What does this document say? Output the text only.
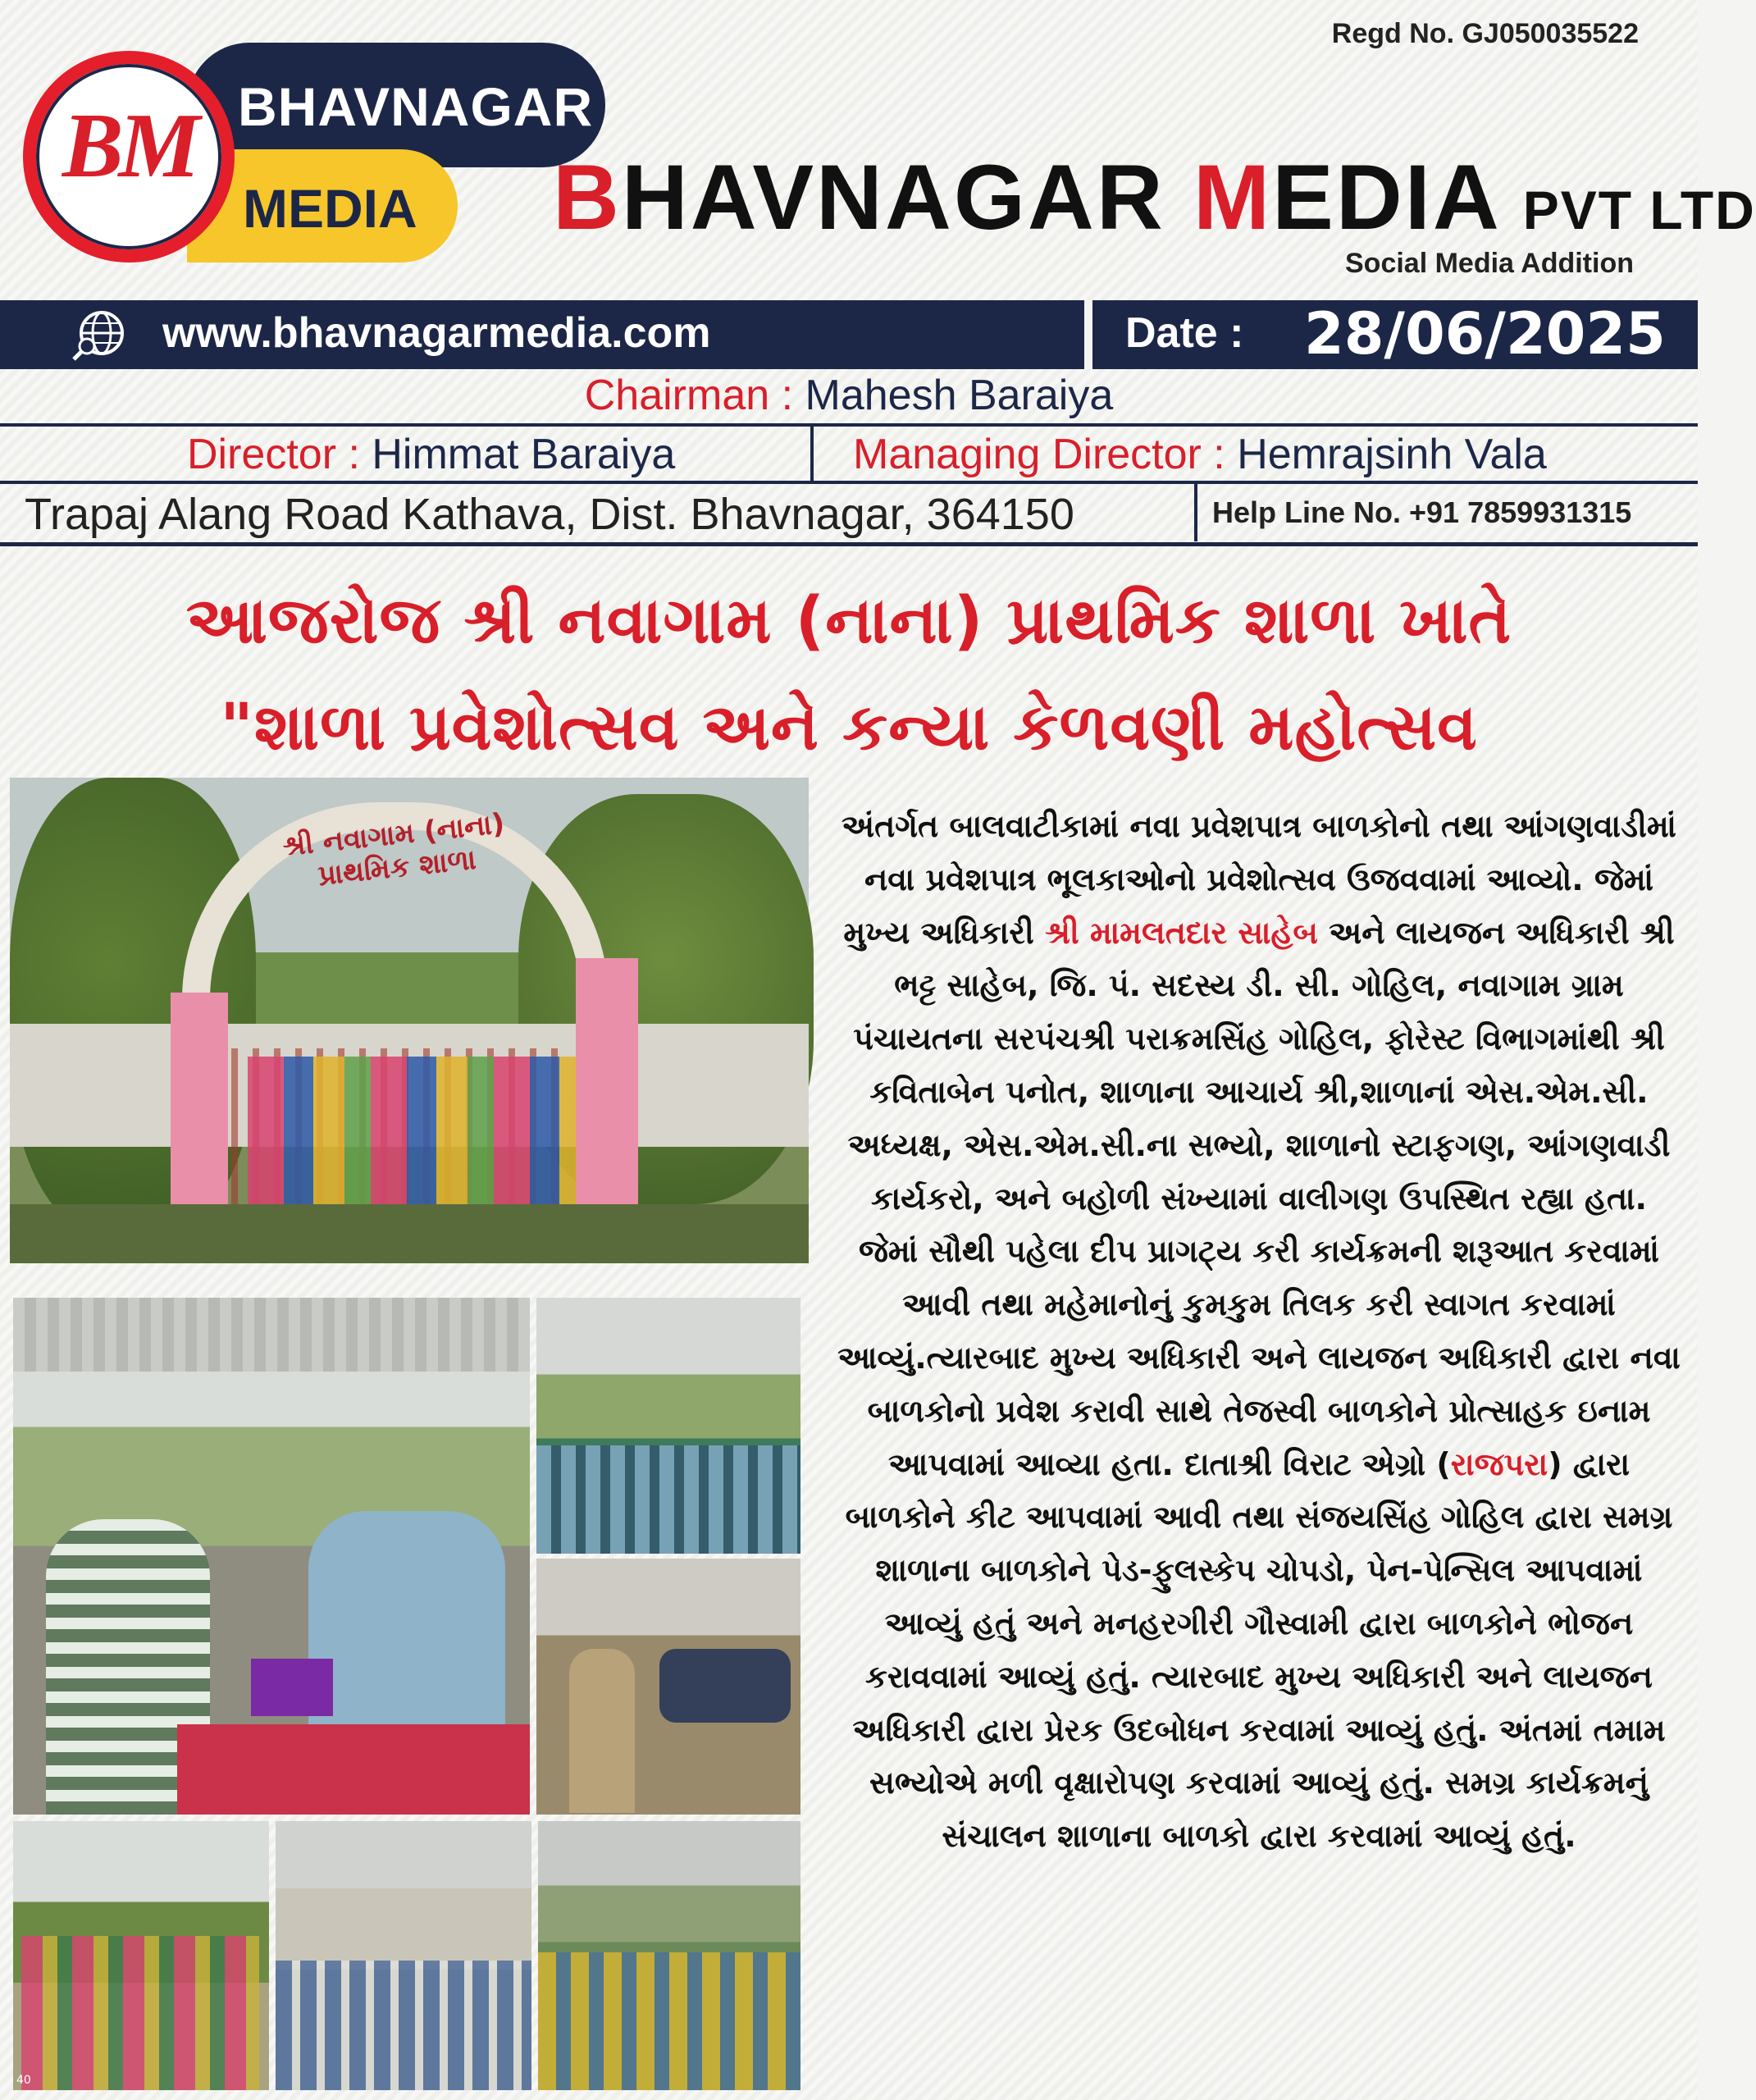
Regd No. GJ050035522
BHAVNAGAR
MEDIA
BM	BHAVNAGAR MEDIA PVT LTD
Social Media Addition
www.bhavnagarmedia.com	Date : 28/06/2025
Chairman : Mahesh Baraiya
Director : Himmat Baraiya	Managing Director : Hemrajsinh Vala
Trapaj Alang Road Kathava, Dist. Bhavnagar, 364150	Help Line No. +91 7859931315
આજરોજ શ્રી નવાગામ (નાના) પ્રાથમિક શાળા ખાતે
"શાળા પ્રવેશોત્સવ અને કન્યા કેળવણી મહોત્સવ
શ્રી નવાગામ (નાના) પ્રાથમિક શાળા
40
અંતર્ગત બાલવાટીકામાં નવા પ્રવેશપાત્ર બાળકોનો તથા આંગણવાડીમાં નવા પ્રવેશપાત્ર ભૂલકાઓનો પ્રવેશોત્સવ ઉજવવામાં આવ્યો. જેમાં મુખ્ય અધિકારી શ્રી મામલતદાર સાહેબ અને લાયજન અધિકારી શ્રી ભટ્ટ સાહેબ, જિ. પં. સદસ્ય ડી. સી. ગોહિલ, નવાગામ ગ્રામ પંચાયતના સરપંચશ્રી પરાક્રમસિંહ ગોહિલ, ફોરેસ્ટ વિભાગમાંથી શ્રી કવિતાબેન પનોત, શાળાના આચાર્ય શ્રી,શાળાનાં એસ.એમ.સી. અધ્યક્ષ, એસ.એમ.સી.ના સભ્યો, શાળાનો સ્ટાફગણ, આંગણવાડી કાર્યકરો, અને બહોળી સંખ્યામાં વાલીગણ ઉપસ્થિત રહ્યા હતા. જેમાં સૌથી પહેલા દીપ પ્રાગટ્ય કરી કાર્યક્રમની શરૂઆત કરવામાં આવી તથા મહેમાનોનું કુમકુમ તિલક કરી સ્વાગત કરવામાં આવ્યું.ત્યારબાદ મુખ્ય અધિકારી અને લાયજન અધિકારી દ્વારા નવા બાળકોનો પ્રવેશ કરાવી સાથે તેજસ્વી બાળકોને પ્રોત્સાહક ઇનામ આપવામાં આવ્યા હતા. દાતાશ્રી વિરાટ એગ્રો (રાજપરા) દ્વારા બાળકોને કીટ આપવામાં આવી તથા સંજયસિંહ ગોહિલ દ્વારા સમગ્ર શાળાના બાળકોને પેડ-ફુલસ્કેપ ચોપડો, પેન-પેન્સિલ આપવામાં આવ્યું હતું અને મનહરગીરી ગૌસ્વામી દ્વારા બાળકોને ભોજન કરાવવામાં આવ્યું હતું. ત્યારબાદ મુખ્ય અધિકારી અને લાયજન અધિકારી દ્વારા પ્રેરક ઉદબોધન કરવામાં આવ્યું હતું. અંતમાં તમામ સભ્યોએ મળી વૃક્ષારોપણ કરવામાં આવ્યું હતું. સમગ્ર કાર્યક્રમનું સંચાલન શાળાના બાળકો દ્વારા કરવામાં આવ્યું હતું.
